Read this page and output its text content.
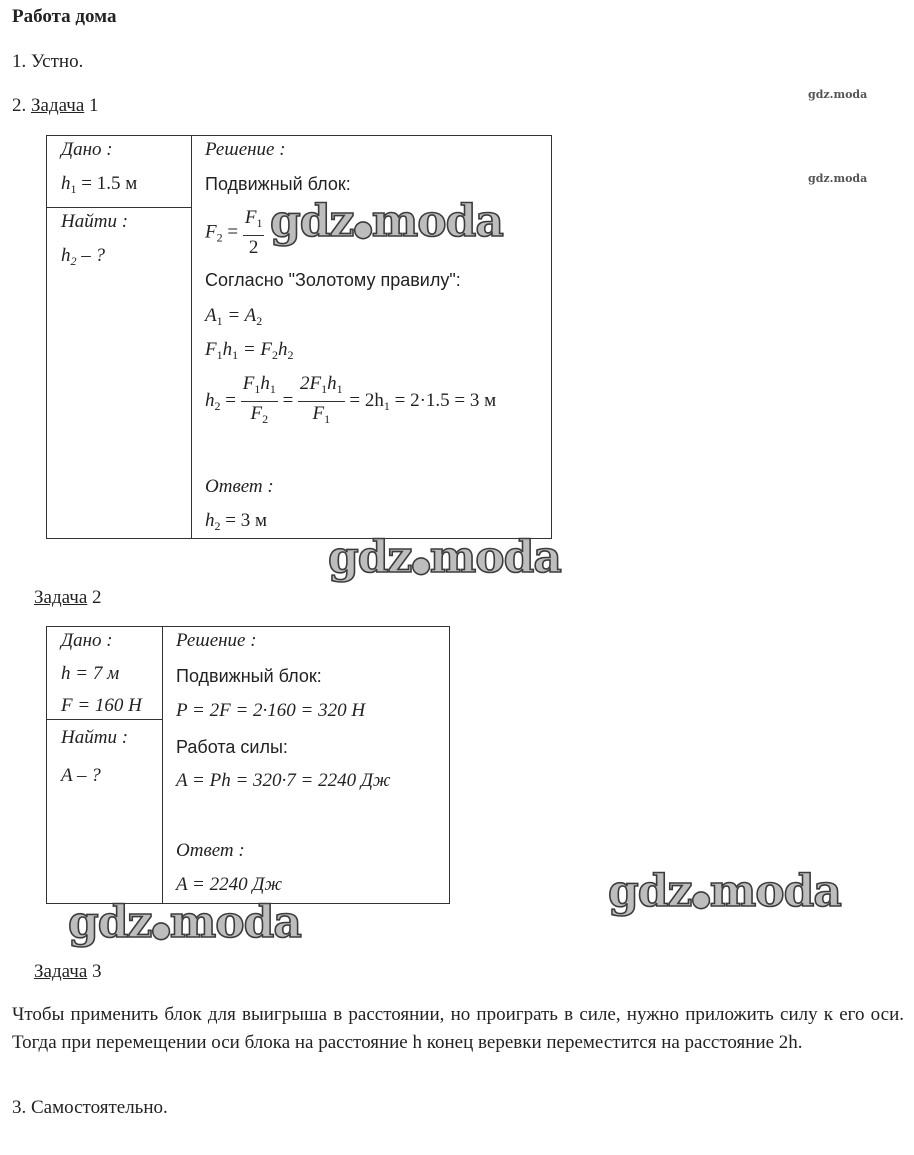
Работа дома
1. Устно.
2. Задача 1
gdz.moda
gdz.moda
Дано :
$h_1 = 1.5$ м
Найти :
$h_2$ – ?
Решение :
Подвижный блок:
$F_2 = \frac{F_1}{2}$
Согласно "Золотому правилу":
$A_1 = A_2$
$F_1h_1 = F_2h_2$
$h_2 = \frac{F_1h_1}{F_2} = \frac{2F_1h_1}{F_1} = 2h_1 = 2\cdot 1.5 = 3$ м
Ответ :
$h_2 = 3$ м
gdz●moda
gdz●moda
Задача 2
Дано :
h = 7 м
F = 160 Н
Найти :
A – ?
Решение :
Подвижный блок:
P = 2F = 2·160 = 320 Н
Работа силы:
A = Ph = 320·7 = 2240 Дж
Ответ :
A = 2240 Дж	gdz●moda
gdz●moda
Задача 3
Чтобы применить блок для выигрыша в расстоянии, но проиграть в силе, нужно приложить силу к его оси. Тогда при перемещении оси блока на расстояние h конец веревки переместится на расстояние 2h.
3. Самостоятельно.
